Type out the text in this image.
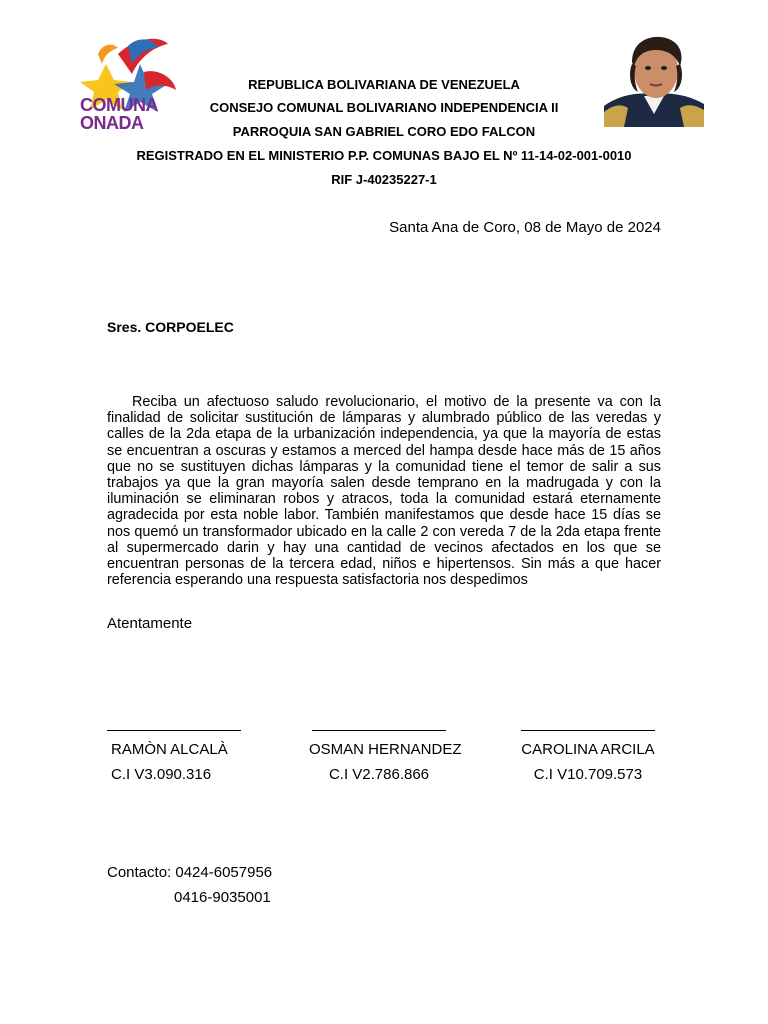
COMUNA
ONADA
REPUBLICA BOLIVARIANA DE VENEZUELA
CONSEJO COMUNAL BOLIVARIANO INDEPENDENCIA II
PARROQUIA SAN GABRIEL CORO EDO FALCON
REGISTRADO EN EL MINISTERIO P.P. COMUNAS BAJO EL Nº 11-14-02-001-0010
RIF J-40235227-1
Santa Ana de Coro, 08 de Mayo de 2024
Sres. CORPOELEC

Reciba un afectuoso saludo revolucionario, el motivo de la presente va con la finalidad de solicitar sustitución de lámparas y alumbrado público de las veredas y calles de la 2da etapa de la urbanización independencia, ya que la mayoría de estas se encuentran a oscuras y estamos a merced del hampa desde hace más de 15 años que no se sustituyen dichas lámparas y la comunidad tiene el temor de salir a sus trabajos ya que la gran mayoría salen desde temprano en la madrugada y con la iluminación se eliminaran robos y atracos, toda la comunidad estará eternamente agradecida por esta noble labor. También manifestamos que desde hace 15 días se nos quemó un transformador ubicado en la calle 2 con vereda 7 de la 2da etapa frente al supermercado darin y hay una cantidad de vecinos afectados en los que se encuentran personas de la tercera edad, niños e hipertensos. Sin más a que hacer referencia esperando una respuesta satisfactoria nos despedimos

Atentamente
RAMÒN ALCALÀ
C.I V3.090.316
OSMAN HERNANDEZ
C.I V2.786.866
CAROLINA ARCILA
C.I V10.709.573
Contacto: 0424-6057956
0416-9035001
